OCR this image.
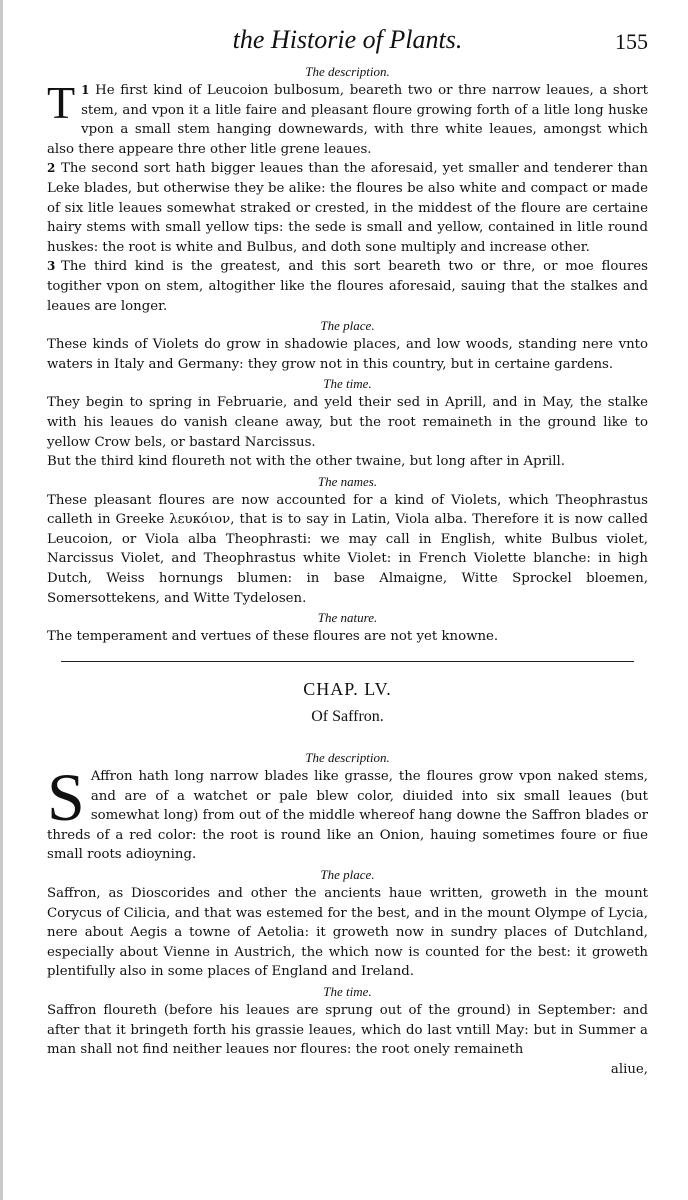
the Historie of Plants.	155
The description.

1
T He first kind of Leucoion bulbosum, beareth two or thre narrow leaues, a short stem, and vpon it a litle faire and pleasant floure growing forth of a litle long huske vpon a small stem hanging downewards, with thre white leaues, amongst which also there appeare thre other litle grene leaues.

2 The second sort hath bigger leaues than the aforesaid, yet smaller and tenderer than Leke blades, but otherwise they be alike: the floures be also white and compact or made of six litle leaues somewhat straked or crested, in the middest of the floure are certaine hairy stems with small yellow tips: the sede is small and yellow, contained in litle round huskes: the root is white and Bulbus, and doth sone multiply and increase other.

3 The third kind is the greatest, and this sort beareth two or thre, or moe floures togither vpon on stem, altogither like the floures aforesaid, sauing that the stalkes and leaues are longer.

The place.

These kinds of Violets do grow in shadowie places, and low woods, standing nere vnto waters in Italy and Germany: they grow not in this country, but in certaine gardens.

The time.

They begin to spring in Februarie, and yeld their sed in Aprill, and in May, the stalke with his leaues do vanish cleane away, but the root remaineth in the ground like to yellow Crow bels, or bastard Narcissus.

But the third kind floureth not with the other twaine, but long after in Aprill.

The names.

These pleasant floures are now accounted for a kind of Violets, which Theophrastus calleth in Greeke λευκόιον, that is to say in Latin, Viola alba. Therefore it is now called Leucoion, or Viola alba Theophrasti: we may call in English, white Bulbus violet, Narcissus Violet, and Theophrastus white Violet: in French Violette blanche: in high Dutch, Weiss hornungs blumen: in base Almaigne, Witte Sprockel bloemen, Somersottekens, and Witte Tydelosen.

The nature.

The temperament and vertues of these floures are not yet knowne.

CHAP. LV.
Of Saffron.
The description.

S Affron hath long narrow blades like grasse, the floures grow vpon naked stems, and are of a watchet or pale blew color, diuided into six small leaues (but somewhat long) from out of the middle whereof hang downe the Saffron blades or threds of a red color: the root is round like an Onion, hauing sometimes foure or fiue small roots adioyning.

The place.

Saffron, as Dioscorides and other the ancients haue written, groweth in the mount Corycus of Cilicia, and that was estemed for the best, and in the mount Olympe of Lycia, nere about Aegis a towne of Aetolia: it groweth now in sundry places of Dutchland, especially about Vienne in Austrich, the which now is counted for the best: it groweth plentifully also in some places of England and Ireland.

The time.

Saffron floureth (before his leaues are sprung out of the ground) in September: and after that it bringeth forth his grassie leaues, which do last vntill May: but in Summer a man shall not find neither leaues nor floures: the root onely remaineth

aliue,
